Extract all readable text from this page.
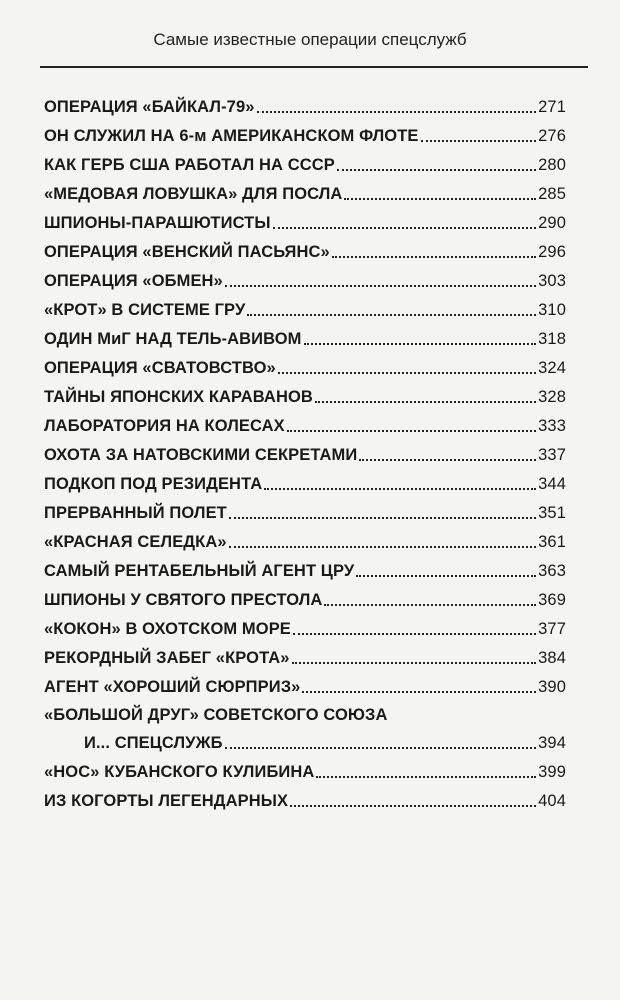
Самые известные операции спецслужб
ОПЕРАЦИЯ «БАЙКАЛ-79»	271
ОН СЛУЖИЛ НА 6-м АМЕРИКАНСКОМ ФЛОТЕ	276
КАК ГЕРБ США РАБОТАЛ НА СССР	280
«МЕДОВАЯ ЛОВУШКА» ДЛЯ ПОСЛА	285
ШПИОНЫ-ПАРАШЮТИСТЫ	290
ОПЕРАЦИЯ «ВЕНСКИЙ ПАСЬЯНС»	296
ОПЕРАЦИЯ «ОБМЕН»	303
«КРОТ» В СИСТЕМЕ ГРУ	310
ОДИН МиГ НАД ТЕЛЬ-АВИВОМ	318
ОПЕРАЦИЯ «СВАТОВСТВО»	324
ТАЙНЫ ЯПОНСКИХ КАРАВАНОВ	328
ЛАБОРАТОРИЯ НА КОЛЕСАХ	333
ОХОТА ЗА НАТОВСКИМИ СЕКРЕТАМИ	337
ПОДКОП ПОД РЕЗИДЕНТА	344
ПРЕРВАННЫЙ ПОЛЕТ	351
«КРАСНАЯ СЕЛЕДКА»	361
САМЫЙ РЕНТАБЕЛЬНЫЙ АГЕНТ ЦРУ	363
ШПИОНЫ У СВЯТОГО ПРЕСТОЛА	369
«КОКОН» В ОХОТСКОМ МОРЕ	377
РЕКОРДНЫЙ ЗАБЕГ «КРОТА»	384
АГЕНТ «ХОРОШИЙ СЮРПРИЗ»	390
«БОЛЬШОЙ ДРУГ» СОВЕТСКОГО СОЮЗА
И... СПЕЦСЛУЖБ	394
«НОС» КУБАНСКОГО КУЛИБИНА	399
ИЗ КОГОРТЫ ЛЕГЕНДАРНЫХ	404
